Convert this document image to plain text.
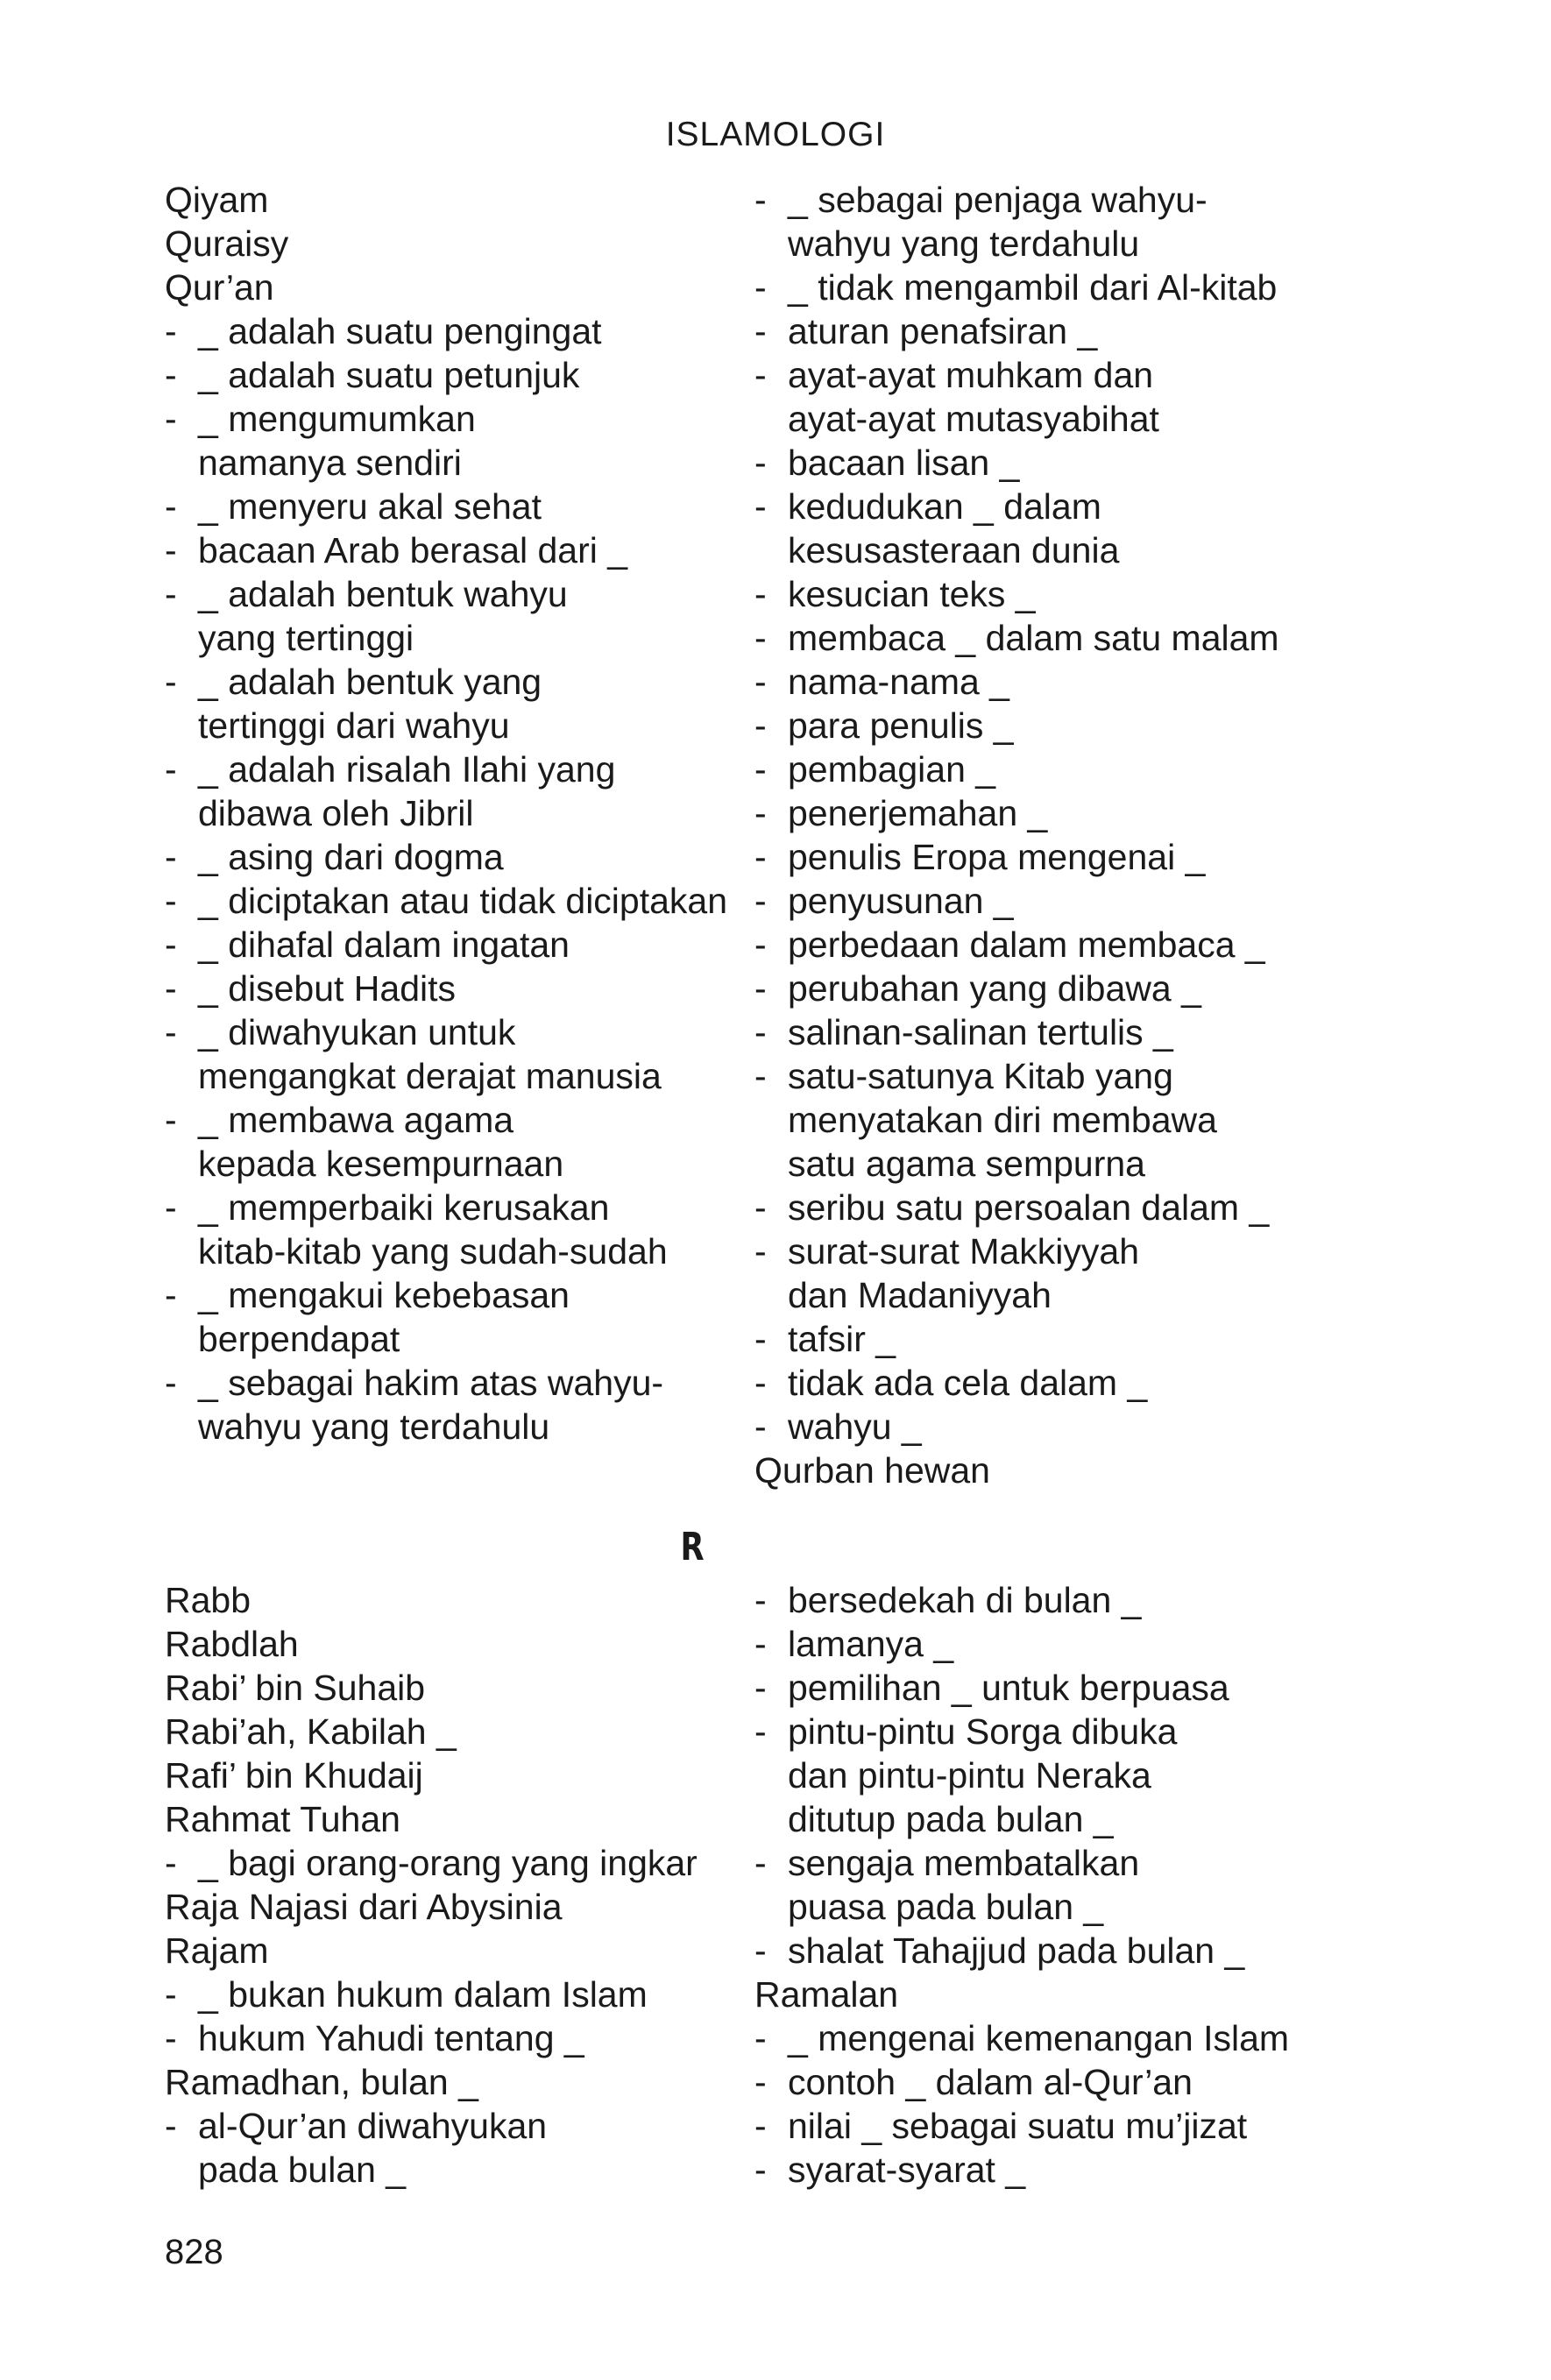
ISLAMOLOGI
Qiyam
Quraisy
Qur’an
- _ adalah suatu pengingat
- _ adalah suatu petunjuk
- _ mengumumkan
namanya sendiri
- _ menyeru akal sehat
- bacaan Arab berasal dari _
- _ adalah bentuk wahyu
yang tertinggi
- _ adalah bentuk yang
tertinggi dari wahyu
- _ adalah risalah Ilahi yang
dibawa oleh Jibril
- _ asing dari dogma
- _ diciptakan atau tidak diciptakan
- _ dihafal dalam ingatan
- _ disebut Hadits
- _ diwahyukan untuk
mengangkat derajat manusia
- _ membawa agama
kepada kesempurnaan
- _ memperbaiki kerusakan
kitab-kitab yang sudah-sudah
- _ mengakui kebebasan
berpendapat
- _ sebagai hakim atas wahyu-
wahyu yang terdahulu
- _ sebagai penjaga wahyu-
wahyu yang terdahulu
- _ tidak mengambil dari Al-kitab
- aturan penafsiran _
- ayat-ayat muhkam dan
ayat-ayat mutasyabihat
- bacaan lisan _
- kedudukan _ dalam
kesusasteraan dunia
- kesucian teks _
- membaca _ dalam satu malam
- nama-nama _
- para penulis _
- pembagian _
- penerjemahan _
- penulis Eropa mengenai _
- penyusunan _
- perbedaan dalam membaca _
- perubahan yang dibawa _
- salinan-salinan tertulis _
- satu-satunya Kitab yang
menyatakan diri membawa
satu agama sempurna
- seribu satu persoalan dalam _
- surat-surat Makkiyyah
dan Madaniyyah
- tafsir _
- tidak ada cela dalam _
- wahyu _
Qurban hewan
R
Rabb
Rabdlah
Rabi’ bin Suhaib
Rabi’ah, Kabilah _
Rafi’ bin Khudaij
Rahmat Tuhan
- _ bagi orang-orang yang ingkar
Raja Najasi dari Abysinia
Rajam
- _ bukan hukum dalam Islam
- hukum Yahudi tentang _
Ramadhan, bulan _
- al-Qur’an diwahyukan
pada bulan _
- bersedekah di bulan _
- lamanya _
- pemilihan _ untuk berpuasa
- pintu-pintu Sorga dibuka
dan pintu-pintu Neraka
ditutup pada bulan _
- sengaja membatalkan
puasa pada bulan _
- shalat Tahajjud pada bulan _
Ramalan
- _ mengenai kemenangan Islam
- contoh _ dalam al-Qur’an
- nilai _ sebagai suatu mu’jizat
- syarat-syarat _
828
